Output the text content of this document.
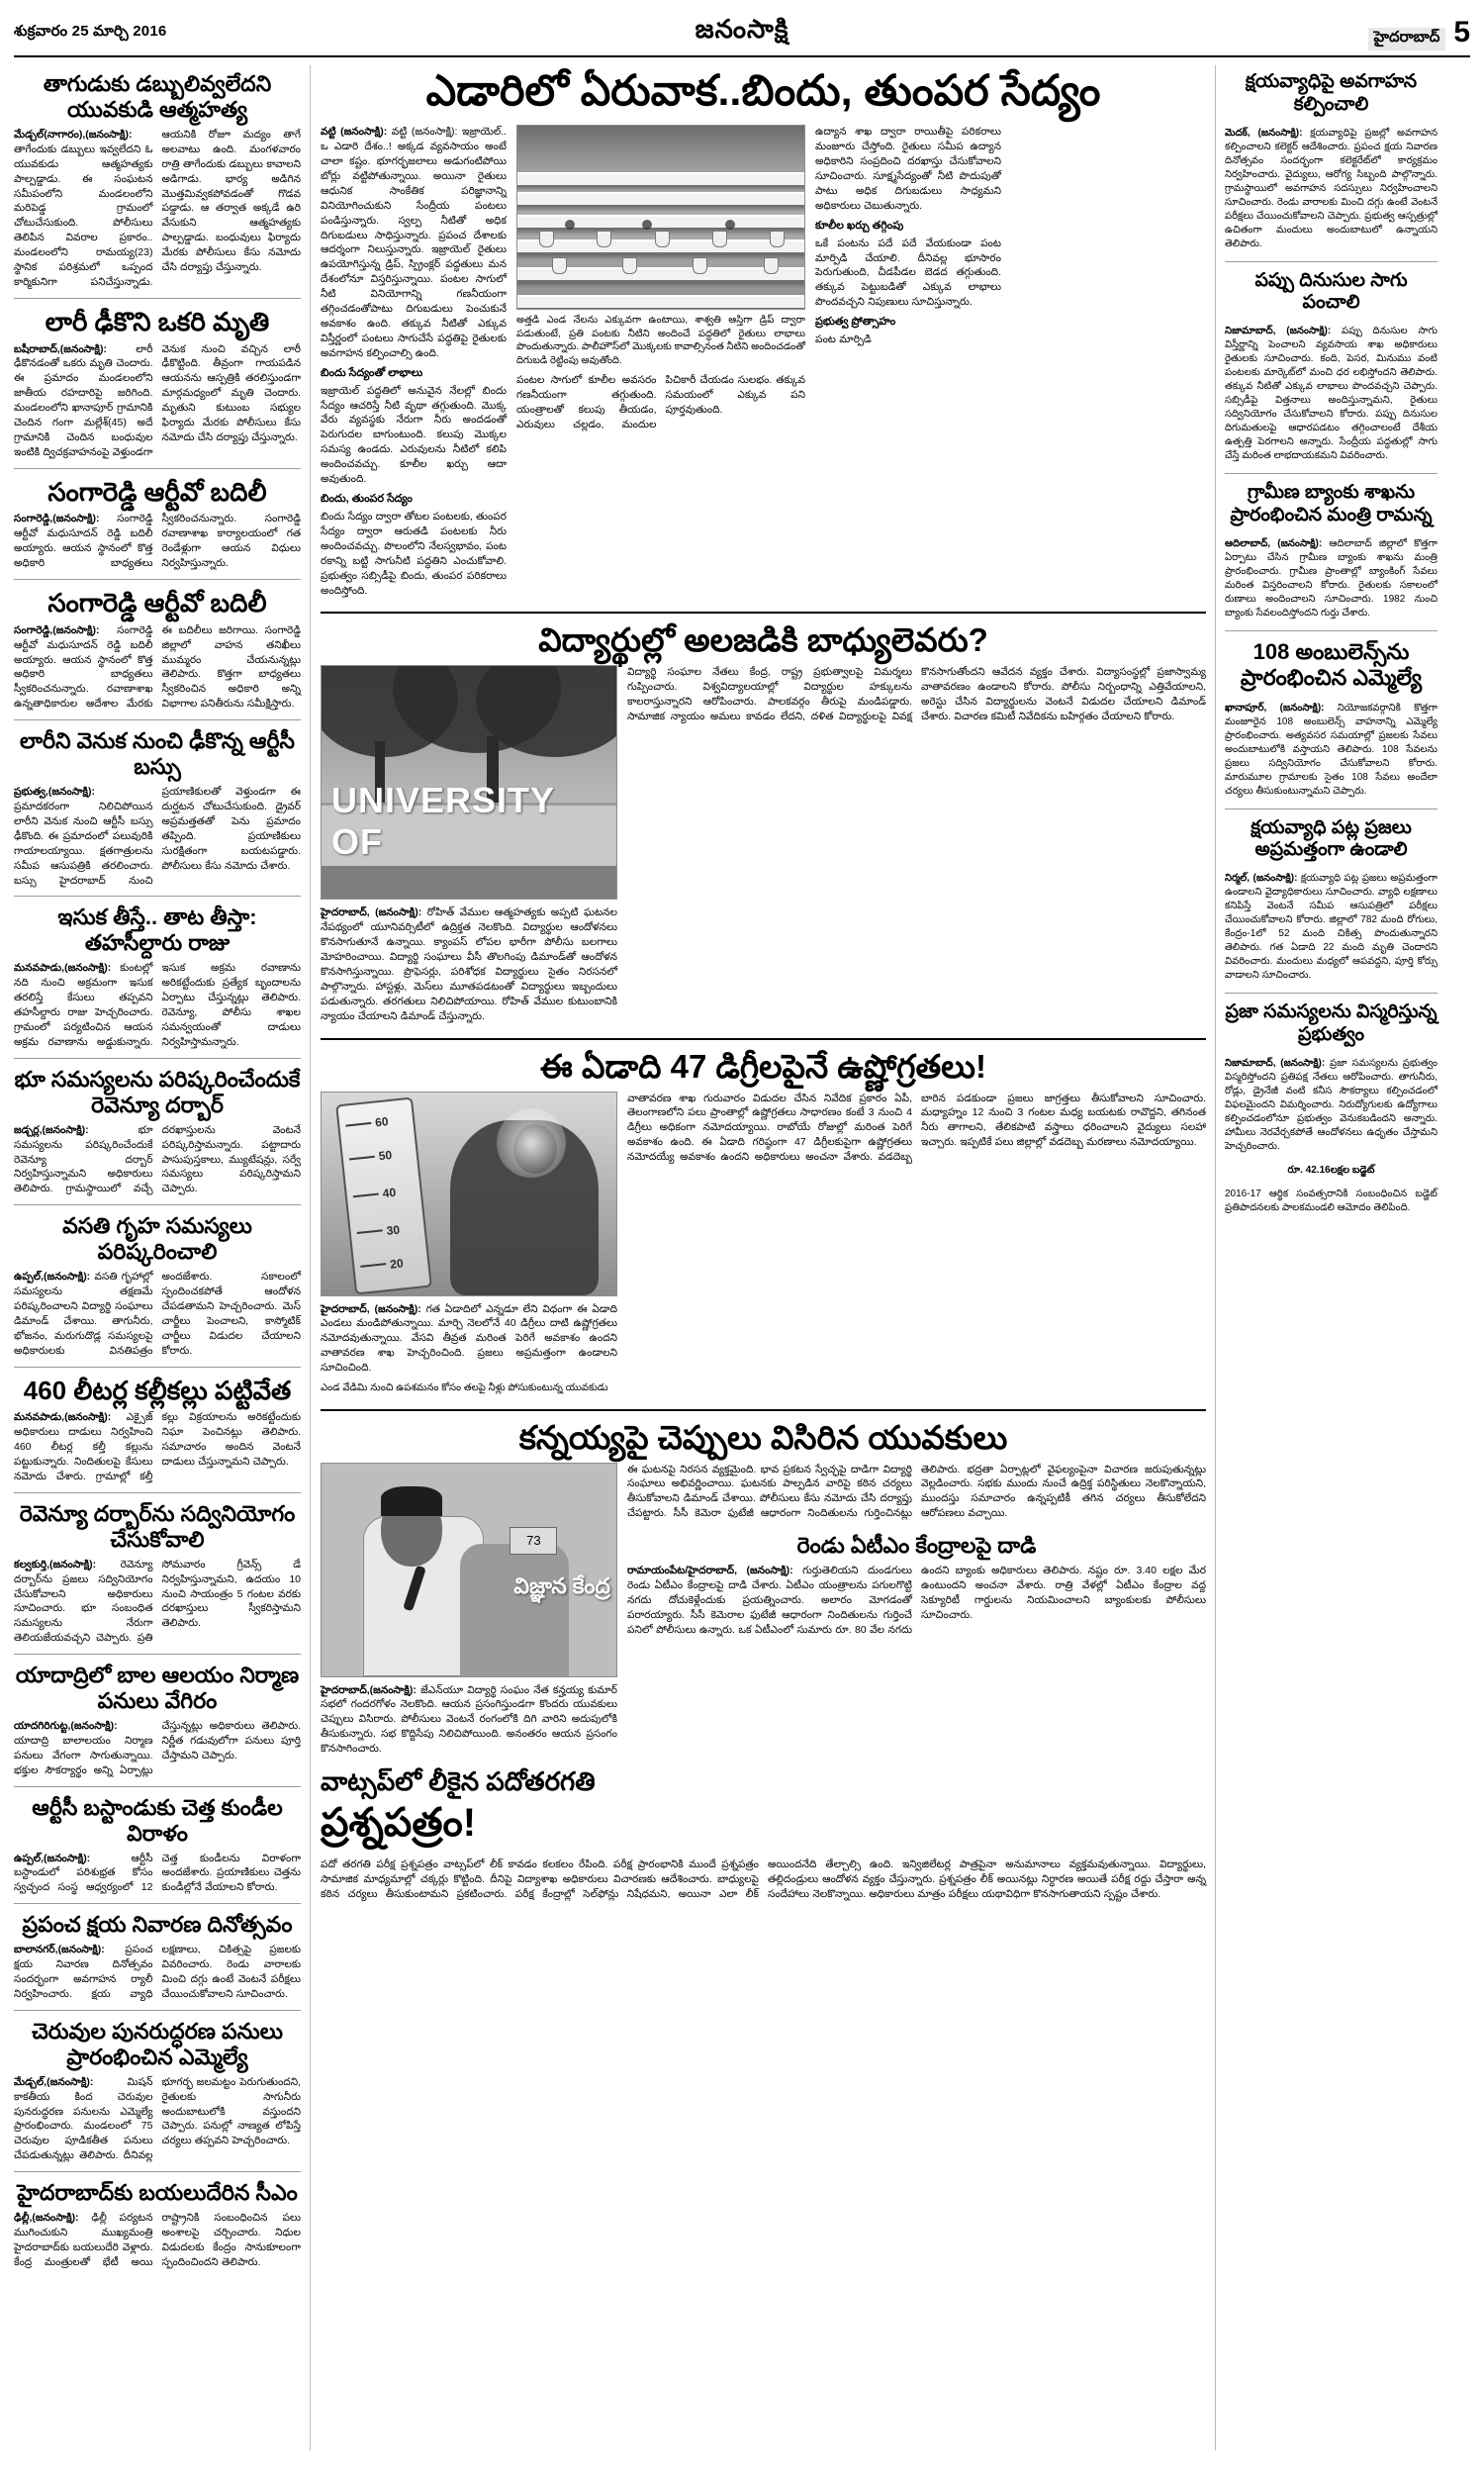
శుక్రవారం 25 మార్చి 2016	జనంసాక్షి	హైదరాబాద్ 5
తాగుడుకు డబ్బులివ్వలేదని యువకుడి ఆత్మహత్య

మేడ్చల్(నాగారం),(జనంసాక్షి): తాగేందుకు డబ్బులు ఇవ్వలేదని ఓ యువకుడు ఆత్మహత్యకు పాల్పడ్డాడు. ఈ సంఘటన సమీపంలోని మండలంలోని మరిపెడ్డ గ్రామంలో చోటుచేసుకుంది. పోలీసులు తెలిపిన వివరాల ప్రకారం.. మండలంలోని రామయ్య(23) స్థానిక పరిశ్రమలో ఒప్పంద కార్మికునిగా పనిచేస్తున్నాడు. ఆయనికి రోజూ మద్యం తాగే అలవాటు ఉంది. మంగళవారం రాత్రి తాగేందుకు డబ్బులు కావాలని అడిగాడు. భార్య అడిగిన మొత్తమివ్వకపోవడంతో గొడవ పడ్డాడు. ఆ తర్వాత అక్కడే ఉరి వేసుకుని ఆత్మహత్యకు పాల్పడ్డాడు. బంధువులు ఫిర్యాదు మేరకు పోలీసులు కేసు నమోదు చేసి దర్యాప్తు చేస్తున్నారు.

లారీ ఢీకొని ఒకరి మృతి

బషీరాబాద్,(జనంసాక్షి):	లారీ ఢీకొనడంతో ఒకరు మృతి చెందారు. ఈ ప్రమాదం మండలంలోని జాతీయ రహదారిపై జరిగింది. మండలంలోని ఖానాపూర్ గ్రామానికి చెందిన గంగా మల్లేశ్(45) అదే గ్రామానికి చెందిన బంధువుల ఇంటికి ద్విచక్రవాహనంపై వెళ్తుండగా వెనుక నుంచి వచ్చిన లారీ ఢీకొట్టింది. తీవ్రంగా గాయపడిన ఆయనను ఆస్పత్రికి తరలిస్తుండగా మార్గమధ్యంలో మృతి చెందారు. మృతుని కుటుంబ సభ్యుల ఫిర్యాదు మేరకు పోలీసులు కేసు నమోదు చేసి దర్యాప్తు చేస్తున్నారు.

సంగారెడ్డి ఆర్టీవో బదిలీ

సంగారెడ్డి,(జనంసాక్షి): సంగారెడ్డి ఆర్టీవో మధుసూదన్ రెడ్డి బదిలీ అయ్యారు. ఆయన స్థానంలో కొత్త అధికారి బాధ్యతలు స్వీకరించనున్నారు. సంగారెడ్డి రవాణాశాఖ కార్యాలయంలో గత రెండేళ్లుగా ఆయన విధులు నిర్వహిస్తున్నారు.

సంగారెడ్డి ఆర్టీవో బదిలీ

సంగారెడ్డి,(జనంసాక్షి): సంగారెడ్డి ఆర్టీవో మధుసూదన్ రెడ్డి బదిలీ అయ్యారు. ఆయన స్థానంలో కొత్త అధికారి బాధ్యతలు స్వీకరించనున్నారు. రవాణాశాఖ ఉన్నతాధికారుల ఆదేశాల మేరకు ఈ బదిలీలు జరిగాయి. సంగారెడ్డి జిల్లాలో వాహన తనిఖీలు ముమ్మరం చేయనున్నట్లు తెలిపారు. కొత్తగా బాధ్యతలు స్వీకరించిన అధికారి అన్ని విభాగాల పనితీరును సమీక్షిస్తారు.

లారీని వెనుక నుంచి ఢీకొన్న ఆర్టీసీ బస్సు

ప్రభుత్వ,(జనంసాక్షి): ప్రమాదకరంగా నిలిచిపోయిన లారీని వెనుక నుంచి ఆర్టీసీ బస్సు ఢీకొంది. ఈ ప్రమాదంలో పలువురికి గాయాలయ్యాయి. క్షతగాత్రులను సమీప ఆసుపత్రికి తరలించారు. బస్సు హైదరాబాద్ నుంచి ప్రయాణికులతో వెళ్తుండగా ఈ దుర్ఘటన చోటుచేసుకుంది. డ్రైవర్ అప్రమత్తతతో పెను ప్రమాదం తప్పింది. ప్రయాణికులు సురక్షితంగా బయటపడ్డారు. పోలీసులు కేసు నమోదు చేశారు.

ఇసుక తీస్తే.. తాట తీస్తా: తహసీల్దారు రాజు

మనవపాడు,(జనంసాక్షి): కుంటల్లో నది నుంచి అక్రమంగా ఇసుక తరలిస్తే కేసులు తప్పవని తహసీల్దారు రాజు హెచ్చరించారు. గ్రామంలో పర్యటించిన ఆయన అక్రమ రవాణాను అడ్డుకున్నారు. ఇసుక అక్రమ రవాణాను అరికట్టేందుకు ప్రత్యేక బృందాలను ఏర్పాటు చేస్తున్నట్లు తెలిపారు. రెవెన్యూ, పోలీసు శాఖల సమన్వయంతో దాడులు నిర్వహిస్తామన్నారు.

భూ సమస్యలను పరిష్కరించేందుకే రెవెన్యూ దర్బార్

జడ్చర్ల,(జనంసాక్షి):	భూ సమస్యలను పరిష్కరించేందుకే రెవెన్యూ దర్బార్ నిర్వహిస్తున్నామని అధికారులు తెలిపారు. గ్రామస్థాయిలో వచ్చే దరఖాస్తులను వెంటనే పరిష్కరిస్తామన్నారు. పట్టాదారు పాసుపుస్తకాలు, మ్యుటేషన్లు, సర్వే సమస్యలు పరిష్కరిస్తామని చెప్పారు.

వసతి గృహ సమస్యలు పరిష్కరించాలి

ఉప్పల్,(జనంసాక్షి): వసతి గృహాల్లో సమస్యలను తక్షణమే పరిష్కరించాలని విద్యార్థి సంఘాలు డిమాండ్ చేశాయి. తాగునీరు, భోజనం, మరుగుదొడ్ల సమస్యలపై అధికారులకు వినతిపత్రం అందజేశారు. సకాలంలో స్పందించకపోతే ఆందోళన చేపడతామని హెచ్చరించారు. మెస్ చార్జీలు పెంచాలని, కాస్మోటిక్ చార్జీలు విడుదల చేయాలని కోరారు.

460 లీటర్ల కల్లీకల్లు పట్టివేత

మనవపాడు,(జనంసాక్షి): ఎక్సైజ్ అధికారులు దాడులు నిర్వహించి 460 లీటర్ల కల్తీ కల్లును పట్టుకున్నారు. నిందితులపై కేసులు నమోదు చేశారు. గ్రామాల్లో కల్తీ కల్లు విక్రయాలను అరికట్టేందుకు నిఘా పెంచినట్లు తెలిపారు. సమాచారం అందిన వెంటనే దాడులు చేస్తున్నామని చెప్పారు.

రెవెన్యూ దర్బార్‌ను సద్వినియోగం చేసుకోవాలి

కల్వకుర్తి,(జనంసాక్షి): రెవెన్యూ దర్బార్‌ను ప్రజలు సద్వినియోగం చేసుకోవాలని అధికారులు సూచించారు. భూ సంబంధిత సమస్యలను నేరుగా తెలియజేయవచ్చని చెప్పారు. ప్రతి సోమవారం గ్రీవెన్స్ డే నిర్వహిస్తున్నామని, ఉదయం 10 నుంచి సాయంత్రం 5 గంటల వరకు దరఖాస్తులు స్వీకరిస్తామని తెలిపారు.

యాదాద్రిలో బాల ఆలయం నిర్మాణ పనులు వేగిరం

యాదగిరిగుట్ట,(జనంసాక్షి): యాదాద్రి బాలాలయం నిర్మాణ పనులు వేగంగా సాగుతున్నాయి. భక్తుల సౌకర్యార్థం అన్ని ఏర్పాట్లు చేస్తున్నట్లు అధికారులు తెలిపారు. నిర్ణీత గడువులోగా పనులు పూర్తి చేస్తామని చెప్పారు.

ఆర్టీసీ బస్టాండుకు చెత్త కుండీల విరాళం

ఉప్పల్,(జనంసాక్షి):	ఆర్టీసీ బస్టాండులో పరిశుభ్రత కోసం స్వచ్ఛంద సంస్థ ఆధ్వర్యంలో 12 చెత్త కుండీలను విరాళంగా అందజేశారు. ప్రయాణికులు చెత్తను కుండీల్లోనే వేయాలని కోరారు.

ప్రపంచ క్షయ నివారణ దినోత్సవం

బాలానగర్,(జనంసాక్షి): ప్రపంచ క్షయ నివారణ దినోత్సవం సందర్భంగా అవగాహన ర్యాలీ నిర్వహించారు. క్షయ వ్యాధి లక్షణాలు, చికిత్సపై ప్రజలకు వివరించారు. రెండు వారాలకు మించి దగ్గు ఉంటే వెంటనే పరీక్షలు చేయించుకోవాలని సూచించారు.

చెరువుల పునరుద్ధరణ పనులు ప్రారంభించిన ఎమ్మెల్యే

మేడ్చల్,(జనంసాక్షి):	మిషన్ కాకతీయ కింద చెరువుల పునరుద్ధరణ పనులను ఎమ్మెల్యే ప్రారంభించారు. మండలంలో 75 చెరువుల పూడికతీత పనులు చేపడుతున్నట్లు తెలిపారు. దీనివల్ల భూగర్భ జలమట్టం పెరుగుతుందని, రైతులకు సాగునీరు అందుబాటులోకి వస్తుందని చెప్పారు. పనుల్లో నాణ్యత లోపిస్తే చర్యలు తప్పవని హెచ్చరించారు.

హైదరాబాద్‌కు బయలుదేరిన సీఎం

ఢిల్లీ,(జనంసాక్షి): ఢిల్లీ పర్యటన ముగించుకుని ముఖ్యమంత్రి హైదరాబాద్‌కు బయలుదేరి వెళ్లారు. కేంద్ర మంత్రులతో భేటీ అయి రాష్ట్రానికి సంబంధించిన పలు అంశాలపై చర్చించారు. నిధుల విడుదలకు కేంద్రం సానుకూలంగా స్పందించిందని తెలిపారు.

ఎడారిలో ఏరువాక..బిందు, తుంపర సేద్యం

వట్టి (జనంసాక్షి): వట్టి (జనంసాక్షి): ఇజ్రాయెల్.. ఒ ఎడారి దేశం..! అక్కడ వ్యవసాయం అంటే చాలా కష్టం. భూగర్భజలాలు అడుగంటిపోయి బోర్లు వట్టిపోతున్నాయి. అయినా రైతులు ఆధునిక సాంకేతిక పరిజ్ఞానాన్ని వినియోగించుకుని సేంద్రీయ పంటలు పండిస్తున్నారు. స్వల్ప నీటితో అధిక దిగుబడులు సాధిస్తున్నారు. ప్రపంచ దేశాలకు ఆదర్శంగా నిలుస్తున్నారు. ఇజ్రాయెల్ రైతులు ఉపయోగిస్తున్న డ్రిప్, స్ప్రింక్లర్ పద్ధతులు మన దేశంలోనూ విస్తరిస్తున్నాయి. పంటల సాగులో నీటి వినియోగాన్ని గణనీయంగా తగ్గించడంతోపాటు దిగుబడులు పెంచుకునే అవకాశం ఉంది. తక్కువ నీటితో ఎక్కువ విస్తీర్ణంలో పంటలు సాగుచేసే పద్ధతిపై రైతులకు అవగాహన కల్పించాల్సి ఉంది.

బిందు సేద్యంతో లాభాలు

ఇజ్రాయెల్ పద్ధతిలో అనువైన నేలల్లో బిందు సేద్యం ఆచరిస్తే నీటి వృథా తగ్గుతుంది. మొక్క వేరు వ్యవస్థకు నేరుగా నీరు అందడంతో పెరుగుదల బాగుంటుంది. కలుపు మొక్కల సమస్య ఉండదు. ఎరువులను నీటిలో కలిపి అందించవచ్చు. కూలీల ఖర్చు ఆదా అవుతుంది.

బిందు, తుంపర సేద్యం

బిందు సేద్యం ద్వారా తోటల పంటలకు, తుంపర సేద్యం ద్వారా ఆరుతడి పంటలకు నీరు అందించవచ్చు. పొలంలోని నేలస్వభావం, పంట రకాన్ని బట్టి సాగునీటి పద్ధతిని ఎంచుకోవాలి. ప్రభుత్వం సబ్సిడీపై బిందు, తుంపర పరికరాలు అందిస్తోంది.

అత్తడి ఎండ నేలను ఎక్కువగా ఉంటాయి, శాశ్వతి ఆస్తిగా డ్రిప్ ద్వారా పడుతుంటే, ప్రతి పంటకు నీటిని అందించే పద్ధతిలో రైతులు లాభాలు పొందుతున్నారు. పాలీహౌస్‌లో మొక్కలకు కావాల్సినంత నీటిని అందించడంతో దిగుబడి రెట్టింపు అవుతోంది.

పంటల సాగులో కూలీల అవసరం గణనీయంగా తగ్గుతుంది. యంత్రాలతో కలుపు తీయడం, ఎరువులు చల్లడం, మందుల పిచికారీ చేయడం సులభం. తక్కువ సమయంలో ఎక్కువ పని పూర్తవుతుంది.

ఉద్యాన శాఖ ద్వారా రాయితీపై పరికరాలు మంజూరు చేస్తోంది. రైతులు సమీప ఉద్యాన అధికారిని సంప్రదించి దరఖాస్తు చేసుకోవాలని సూచించారు. సూక్ష్మసేద్యంతో నీటి పొదుపుతో పాటు అధిక దిగుబడులు సాధ్యమని అధికారులు చెబుతున్నారు.

కూలీల ఖర్చు తగ్గింపు

ఒకే పంటను పదే పదే వేయకుండా పంట మార్పిడి చేయాలి. దీనివల్ల భూసారం పెరుగుతుంది, చీడపీడల బెడద తగ్గుతుంది. తక్కువ పెట్టుబడితో ఎక్కువ లాభాలు పొందవచ్చని నిపుణులు సూచిస్తున్నారు.

ప్రభుత్వ ప్రోత్సాహం

పంట మార్పిడి

విద్యార్థుల్లో అలజడికి బాధ్యులెవరు?
UNIVERSITY OF

హైదరాబాద్, (జనంసాక్షి): రోహిత్ వేముల ఆత్మహత్యకు అప్పటి ఘటనల నేపథ్యంలో యూనివర్సిటీలో ఉద్రిక్తత నెలకొంది. విద్యార్థుల ఆందోళనలు కొనసాగుతూనే ఉన్నాయి. క్యాంపస్ లోపల భారీగా పోలీసు బలగాలు మోహరించాయి. విద్యార్థి సంఘాలు వీసీ తొలగింపు డిమాండ్‌తో ఆందోళన కొనసాగిస్తున్నాయి. ప్రొఫెసర్లు, పరిశోధక విద్యార్థులు సైతం నిరసనలో పాల్గొన్నారు. హాస్టళ్లు, మెస్‌లు మూతపడటంతో విద్యార్థులు ఇబ్బందులు పడుతున్నారు. తరగతులు నిలిచిపోయాయి. రోహిత్ వేముల కుటుంబానికి న్యాయం చేయాలని డిమాండ్ చేస్తున్నారు.

విద్యార్థి సంఘాల నేతలు కేంద్ర, రాష్ట్ర ప్రభుత్వాలపై విమర్శలు గుప్పించారు. విశ్వవిద్యాలయాల్లో విద్యార్థుల హక్కులను కాలరాస్తున్నారని ఆరోపించారు. పాలకవర్గం తీరుపై మండిపడ్డారు. సామాజిక న్యాయం అమలు కావడం లేదని, దళిత విద్యార్థులపై వివక్ష కొనసాగుతోందని ఆవేదన వ్యక్తం చేశారు. విద్యాసంస్థల్లో ప్రజాస్వామ్య వాతావరణం ఉండాలని కోరారు. పోలీసు నిర్బంధాన్ని ఎత్తివేయాలని, అరెస్టు చేసిన విద్యార్థులను వెంటనే విడుదల చేయాలని డిమాండ్ చేశారు. విచారణ కమిటీ నివేదికను బహిర్గతం చేయాలని కోరారు.

ఈ ఏడాది 47 డిగ్రీలపైనే ఉష్ణోగ్రతలు!
60
50
40
30
20

హైదరాబాద్, (జనంసాక్షి): గత ఏడాదిలో ఎన్నడూ లేని విధంగా ఈ ఏడాది ఎండలు మండిపోతున్నాయి. మార్చి నెలలోనే 40 డిగ్రీలు దాటి ఉష్ణోగ్రతలు నమోదవుతున్నాయి. వేసవి తీవ్రత మరింత పెరిగే అవకాశం ఉందని వాతావరణ శాఖ హెచ్చరించింది. ప్రజలు అప్రమత్తంగా ఉండాలని సూచించింది.

ఎండ వేడిమి నుంచి ఉపశమనం కోసం తలపై నీళ్లు పోసుకుంటున్న యువకుడు

వాతావరణ శాఖ గురువారం విడుదల చేసిన నివేదిక ప్రకారం ఏపీ, తెలంగాణలోని పలు ప్రాంతాల్లో ఉష్ణోగ్రతలు సాధారణం కంటే 3 నుంచి 4 డిగ్రీలు అధికంగా నమోదయ్యాయి. రాబోయే రోజుల్లో మరింత పెరిగే అవకాశం ఉంది. ఈ ఏడాది గరిష్ఠంగా 47 డిగ్రీలకుపైగా ఉష్ణోగ్రతలు నమోదయ్యే అవకాశం ఉందని అధికారులు అంచనా వేశారు. వడదెబ్బ బారిన పడకుండా ప్రజలు జాగ్రత్తలు తీసుకోవాలని సూచించారు. మధ్యాహ్నం 12 నుంచి 3 గంటల మధ్య బయటకు రావొద్దని, తగినంత నీరు తాగాలని, తేలికపాటి వస్త్రాలు ధరించాలని వైద్యులు సలహా ఇచ్చారు. ఇప్పటికే పలు జిల్లాల్లో వడదెబ్బ మరణాలు నమోదయ్యాయి.

కన్నయ్యపై చెప్పులు విసిరిన యువకులు
73
విజ్ఞాన కేంద్ర

హైదరాబాద్,(జనంసాక్షి): జేఎన్‌యూ విద్యార్థి సంఘం నేత కన్హయ్య కుమార్ సభలో గందరగోళం నెలకొంది. ఆయన ప్రసంగిస్తుండగా కొందరు యువకులు చెప్పులు విసిరారు. పోలీసులు వెంటనే రంగంలోకి దిగి వారిని అదుపులోకి తీసుకున్నారు. సభ కొద్దిసేపు నిలిచిపోయింది. అనంతరం ఆయన ప్రసంగం కొనసాగించారు.

వాట్సప్‌లో లీకైన పదోతరగతి
ప్రశ్నపత్రం!

ఈ ఘటనపై నిరసన వ్యక్తమైంది. భావ ప్రకటన స్వేచ్ఛపై దాడిగా విద్యార్థి సంఘాలు అభివర్ణించాయి. ఘటనకు పాల్పడిన వారిపై కఠిన చర్యలు తీసుకోవాలని డిమాండ్ చేశాయి. పోలీసులు కేసు నమోదు చేసి దర్యాప్తు చేపట్టారు. సీసీ కెమెరా ఫుటేజీ ఆధారంగా నిందితులను గుర్తించినట్లు తెలిపారు. భద్రతా ఏర్పాట్లలో వైఫల్యంపైనా విచారణ జరుపుతున్నట్లు వెల్లడించారు. సభకు ముందు నుంచే ఉద్రిక్త పరిస్థితులు నెలకొన్నాయని, ముందస్తు సమాచారం ఉన్నప్పటికీ తగిన చర్యలు తీసుకోలేదని ఆరోపణలు వచ్చాయి.

రెండు ఏటీఎం కేంద్రాలపై దాడి

రామాయంపేట/హైదరాబాద్, (జనంసాక్షి): గుర్తుతెలియని దుండగులు రెండు ఏటీఎం కేంద్రాలపై దాడి చేశారు. ఏటీఎం యంత్రాలను పగులగొట్టి నగదు దోచుకెళ్లేందుకు ప్రయత్నించారు. అలారం మోగడంతో పరారయ్యారు. సీసీ కెమెరాల ఫుటేజీ ఆధారంగా నిందితులను గుర్తించే పనిలో పోలీసులు ఉన్నారు. ఒక ఏటీఎంలో సుమారు రూ. 80 వేల నగదు ఉందని బ్యాంకు అధికారులు తెలిపారు. నష్టం రూ. 3.40 లక్షల మేర ఉంటుందని అంచనా వేశారు. రాత్రి వేళల్లో ఏటీఎం కేంద్రాల వద్ద సెక్యూరిటీ గార్డులను నియమించాలని బ్యాంకులకు పోలీసులు సూచించారు.

పదో తరగతి పరీక్ష ప్రశ్నపత్రం వాట్సప్‌లో లీక్ కావడం కలకలం రేపింది. పరీక్ష ప్రారంభానికి ముందే ప్రశ్నపత్రం సామాజిక మాధ్యమాల్లో చక్కర్లు కొట్టింది. దీనిపై విద్యాశాఖ అధికారులు విచారణకు ఆదేశించారు. బాధ్యులపై కఠిన చర్యలు తీసుకుంటామని ప్రకటించారు. పరీక్ష కేంద్రాల్లో సెల్‌ఫోన్లు నిషేధమని, అయినా ఎలా లీక్ అయిందనేది తేల్చాల్సి ఉంది. ఇన్విజిలేటర్ల పాత్రపైనా అనుమానాలు వ్యక్తమవుతున్నాయి. విద్యార్థులు, తల్లిదండ్రులు ఆందోళన వ్యక్తం చేస్తున్నారు. ప్రశ్నపత్రం లీక్ అయినట్లు నిర్ధారణ అయితే పరీక్ష రద్దు చేస్తారా అన్న సందేహాలు నెలకొన్నాయి. అధికారులు మాత్రం పరీక్షలు యథావిధిగా కొనసాగుతాయని స్పష్టం చేశారు.

క్షయవ్యాధిపై అవగాహన కల్పించాలి

మెదక్, (జనంసాక్షి): క్షయవ్యాధిపై ప్రజల్లో అవగాహన కల్పించాలని కలెక్టర్ ఆదేశించారు. ప్రపంచ క్షయ నివారణ దినోత్సవం సందర్భంగా కలెక్టరేట్‌లో కార్యక్రమం నిర్వహించారు. వైద్యులు, ఆరోగ్య సిబ్బంది పాల్గొన్నారు. గ్రామస్థాయిలో అవగాహన సదస్సులు నిర్వహించాలని సూచించారు. రెండు వారాలకు మించి దగ్గు ఉంటే వెంటనే పరీక్షలు చేయించుకోవాలని చెప్పారు. ప్రభుత్వ ఆస్పత్రుల్లో ఉచితంగా మందులు అందుబాటులో ఉన్నాయని తెలిపారు.

పప్పు దినుసుల సాగు పంచాలి

నిజామాబాద్, (జనంసాక్షి): పప్పు దినుసుల సాగు విస్తీర్ణాన్ని పెంచాలని వ్యవసాయ శాఖ అధికారులు రైతులకు సూచించారు. కంది, పెసర, మినుము వంటి పంటలకు మార్కెట్‌లో మంచి ధర లభిస్తోందని తెలిపారు. తక్కువ నీటితో ఎక్కువ లాభాలు పొందవచ్చని చెప్పారు. సబ్సిడీపై విత్తనాలు అందిస్తున్నామని, రైతులు సద్వినియోగం చేసుకోవాలని కోరారు. పప్పు దినుసుల దిగుమతులపై ఆధారపడటం తగ్గించాలంటే దేశీయ ఉత్పత్తి పెరగాలని అన్నారు. సేంద్రీయ పద్ధతుల్లో సాగు చేస్తే మరింత లాభదాయకమని వివరించారు.

గ్రామీణ బ్యాంకు శాఖను ప్రారంభించిన మంత్రి రామన్న

ఆదిలాబాద్, (జనంసాక్షి): ఆదిలాబాద్ జిల్లాలో కొత్తగా ఏర్పాటు చేసిన గ్రామీణ బ్యాంకు శాఖను మంత్రి ప్రారంభించారు. గ్రామీణ ప్రాంతాల్లో బ్యాంకింగ్ సేవలు మరింత విస్తరించాలని కోరారు. రైతులకు సకాలంలో రుణాలు అందించాలని సూచించారు. 1982 నుంచి బ్యాంకు సేవలందిస్తోందని గుర్తు చేశారు.

108 అంబులెన్స్‌ను ప్రారంభించిన ఎమ్మెల్యే

ఖానాపూర్, (జనంసాక్షి): నియోజకవర్గానికి కొత్తగా మంజూరైన 108 అంబులెన్స్ వాహనాన్ని ఎమ్మెల్యే ప్రారంభించారు. అత్యవసర సమయాల్లో ప్రజలకు సేవలు అందుబాటులోకి వస్తాయని తెలిపారు. 108 సేవలను ప్రజలు సద్వినియోగం చేసుకోవాలని కోరారు. మారుమూల గ్రామాలకు సైతం 108 సేవలు అందేలా చర్యలు తీసుకుంటున్నామని చెప్పారు.

క్షయవ్యాధి పట్ల ప్రజలు అప్రమత్తంగా ఉండాలి

నిర్మల్, (జనంసాక్షి): క్షయవ్యాధి పట్ల ప్రజలు అప్రమత్తంగా ఉండాలని వైద్యాధికారులు సూచించారు. వ్యాధి లక్షణాలు కనిపిస్తే వెంటనే సమీప ఆసుపత్రిలో పరీక్షలు చేయించుకోవాలని కోరారు. జిల్లాలో 782 మంది రోగులు, కేంద్రం-1లో 52 మంది చికిత్స పొందుతున్నారని తెలిపారు. గత ఏడాది 22 మంది మృతి చెందారని వివరించారు. మందులు మధ్యలో ఆపవద్దని, పూర్తి కోర్సు వాడాలని సూచించారు.

ప్రజా సమస్యలను విస్మరిస్తున్న ప్రభుత్వం

నిజామాబాద్, (జనంసాక్షి): ప్రజా సమస్యలను ప్రభుత్వం విస్మరిస్తోందని ప్రతిపక్ష నేతలు ఆరోపించారు. తాగునీరు, రోడ్లు, డ్రైనేజీ వంటి కనీస సౌకర్యాలు కల్పించడంలో విఫలమైందని విమర్శించారు. నిరుద్యోగులకు ఉద్యోగాలు కల్పించడంలోనూ ప్రభుత్వం వెనుకబడిందని అన్నారు. హామీలు నెరవేర్చకపోతే ఆందోళనలు ఉధృతం చేస్తామని హెచ్చరించారు.

రూ. 42.16లక్షల బడ్జెట్

2016-17 ఆర్థిక సంవత్సరానికి సంబంధించిన బడ్జెట్ ప్రతిపాదనలకు పాలకమండలి ఆమోదం తెలిపింది.
